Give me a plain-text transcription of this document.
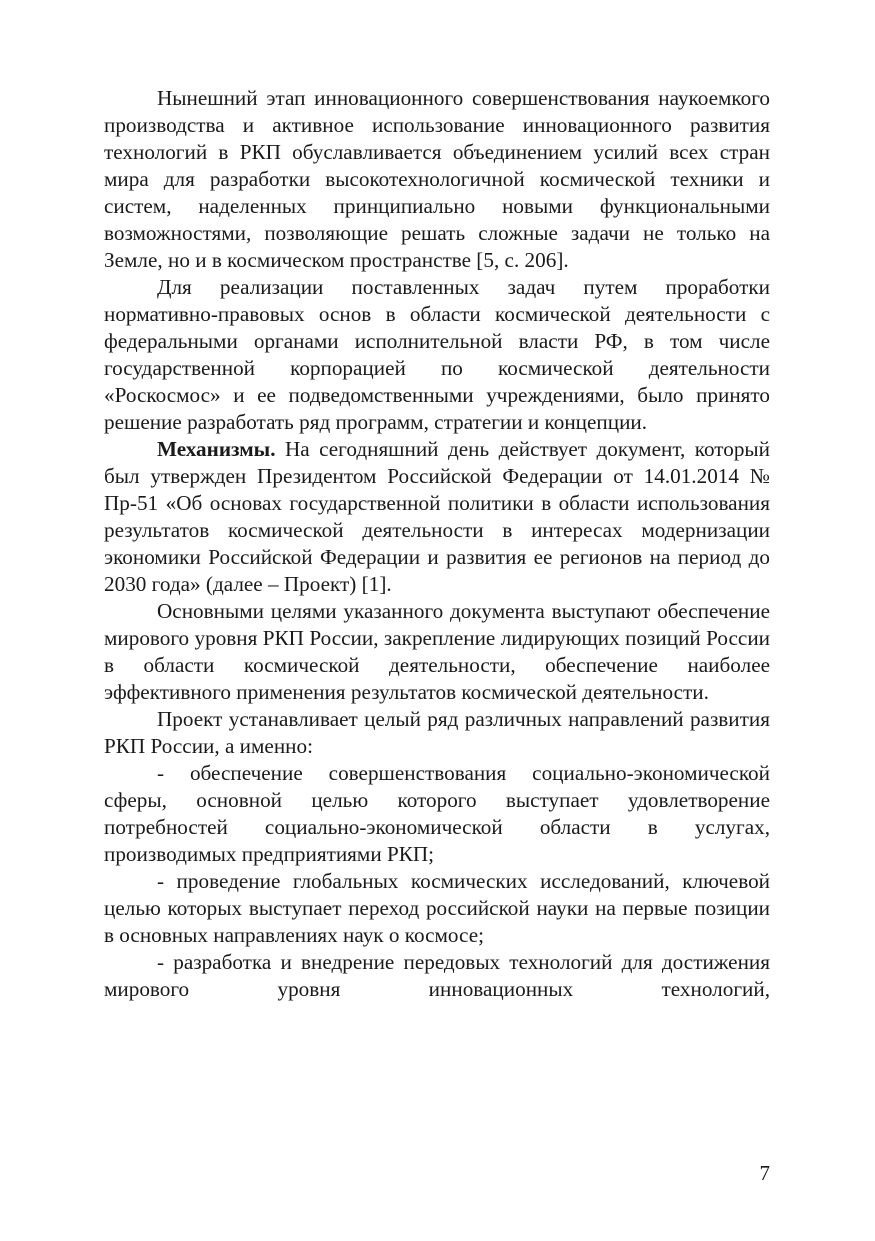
Нынешний этап инновационного совершенствования наукоемкого производства и активное использование инновационного развития технологий в РКП обуславливается объединением усилий всех стран мира для разработки высокотехнологичной космической техники и систем, наделенных принципиально новыми функциональными возможностями, позволяющие решать сложные задачи не только на Земле, но и в космическом пространстве [5, с. 206].

Для реализации поставленных задач путем проработки нормативно-правовых основ в области космической деятельности с федеральными органами исполнительной власти РФ, в том числе государственной корпорацией по космической деятельности «Роскосмос» и ее подведомственными учреждениями, было принято решение разработать ряд программ, стратегии и концепции.

Механизмы. На сегодняшний день действует документ, который был утвержден Президентом Российской Федерации от 14.01.2014 № Пр-51 «Об основах государственной политики в области использования результатов космической деятельности в интересах модернизации экономики Российской Федерации и развития ее регионов на период до 2030 года» (далее – Проект) [1].

Основными целями указанного документа выступают обеспечение мирового уровня РКП России, закрепление лидирующих позиций России в области космической деятельности, обеспечение наиболее эффективного применения результатов космической деятельности.

Проект устанавливает целый ряд различных направлений развития РКП России, а именно:

- обеспечение совершенствования социально-экономической сферы, основной целью которого выступает удовлетворение потребностей социально-экономической области в услугах, производимых предприятиями РКП;

- проведение глобальных космических исследований, ключевой целью которых выступает переход российской науки на первые позиции в основных направлениях наук о космосе;

- разработка и внедрение передовых технологий для достижения мирового уровня инновационных технологий,

7
